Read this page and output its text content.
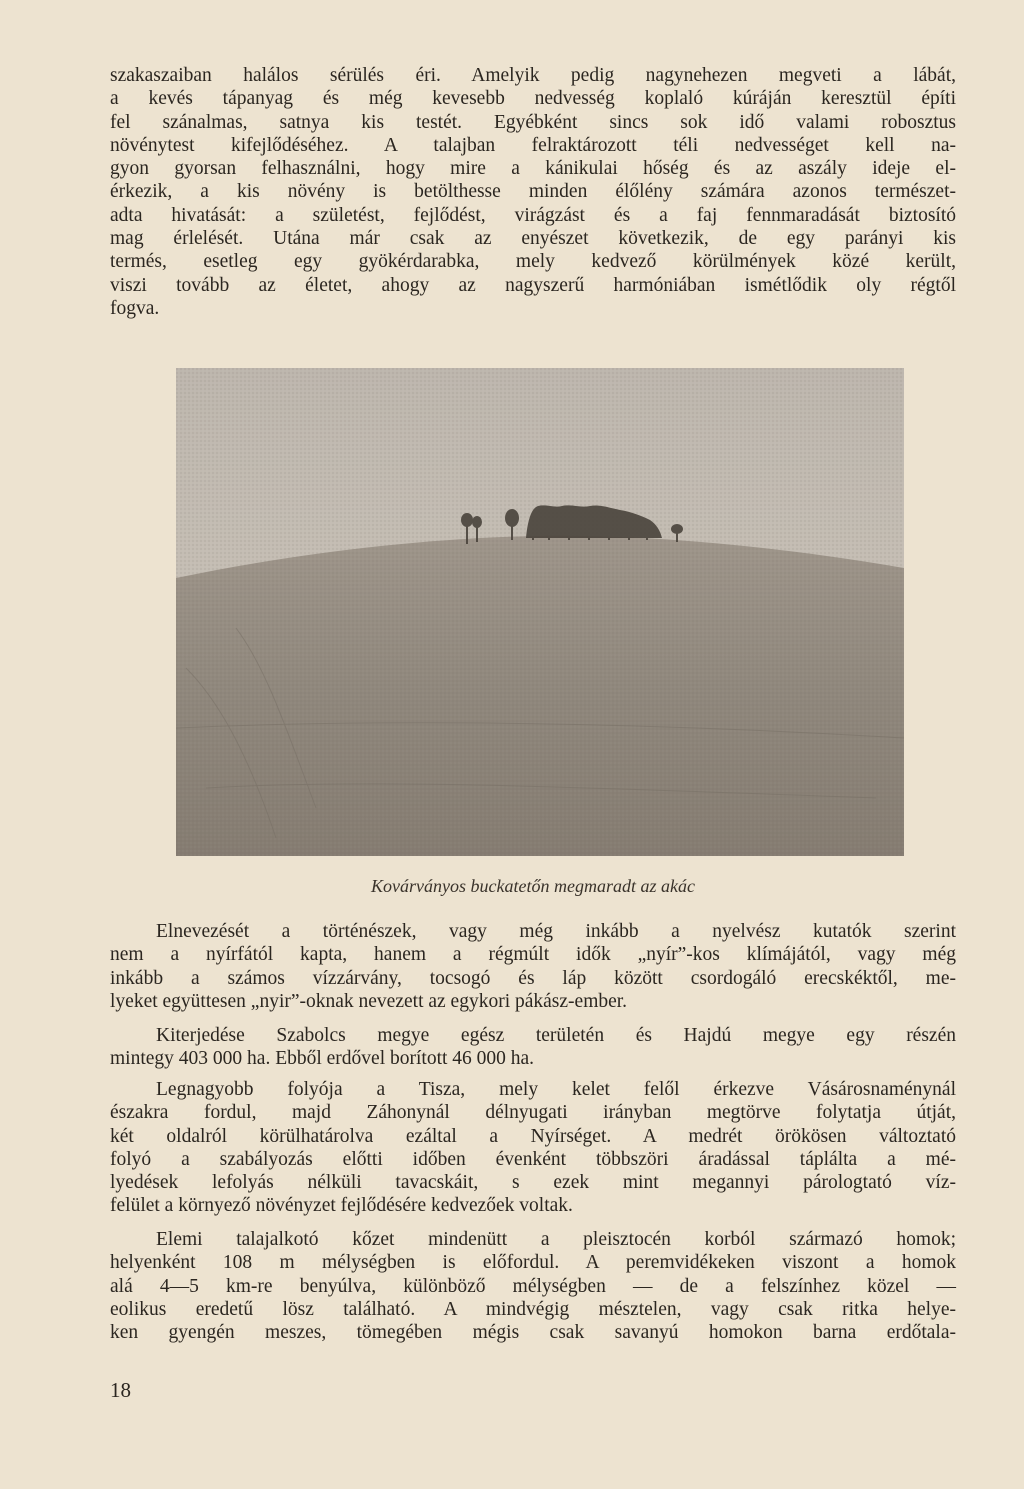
szakaszaiban halálos sérülés éri. Amelyik pedig nagynehezen megveti a lábát,
a kevés tápanyag és még kevesebb nedvesség koplaló kúráján keresztül építi
fel szánalmas, satnya kis testét. Egyébként sincs sok idő valami robosztus
növénytest kifejlődéséhez. A talajban felraktározott téli nedvességet kell na-
gyon gyorsan felhasználni, hogy mire a kánikulai hőség és az aszály ideje el-
érkezik, a kis növény is betölthesse minden élőlény számára azonos természet-
adta hivatását: a születést, fejlődést, virágzást és a faj fennmaradását biztosító
mag érlelését. Utána már csak az enyészet következik, de egy parányi kis
termés, esetleg egy gyökérdarabka, mely kedvező körülmények közé került,
viszi tovább az életet, ahogy az nagyszerű harmóniában ismétlődik oly régtől
fogva.
Kovárványos buckatetőn megmaradt az akác
Elnevezését a történészek, vagy még inkább a nyelvész kutatók szerint
nem a nyírfától kapta, hanem a régmúlt idők „nyír”-kos klímájától, vagy még
inkább a számos vízzárvány, tocsogó és láp között csordogáló erecskéktől, me-
lyeket együttesen „nyir”-oknak nevezett az egykori pákász-ember.
Kiterjedése Szabolcs megye egész területén és Hajdú megye egy részén
mintegy 403 000 ha. Ebből erdővel borított 46 000 ha.
Legnagyobb folyója a Tisza, mely kelet felől érkezve Vásárosnaménynál
északra fordul, majd Záhonynál délnyugati irányban megtörve folytatja útját,
két oldalról körülhatárolva ezáltal a Nyírséget. A medrét örökösen változtató
folyó a szabályozás előtti időben évenként többszöri áradással táplálta a mé-
lyedések lefolyás nélküli tavacskáit, s ezek mint megannyi párologtató víz-
felület a környező növényzet fejlődésére kedvezőek voltak.
Elemi talajalkotó kőzet mindenütt a pleisztocén korból származó homok;
helyenként 108 m mélységben is előfordul. A peremvidékeken viszont a homok
alá 4—5 km-re benyúlva, különböző mélységben — de a felszínhez közel —
eolikus eredetű lösz található. A mindvégig mésztelen, vagy csak ritka helye-
ken gyengén meszes, tömegében mégis csak savanyú homokon barna erdőtala-
18
